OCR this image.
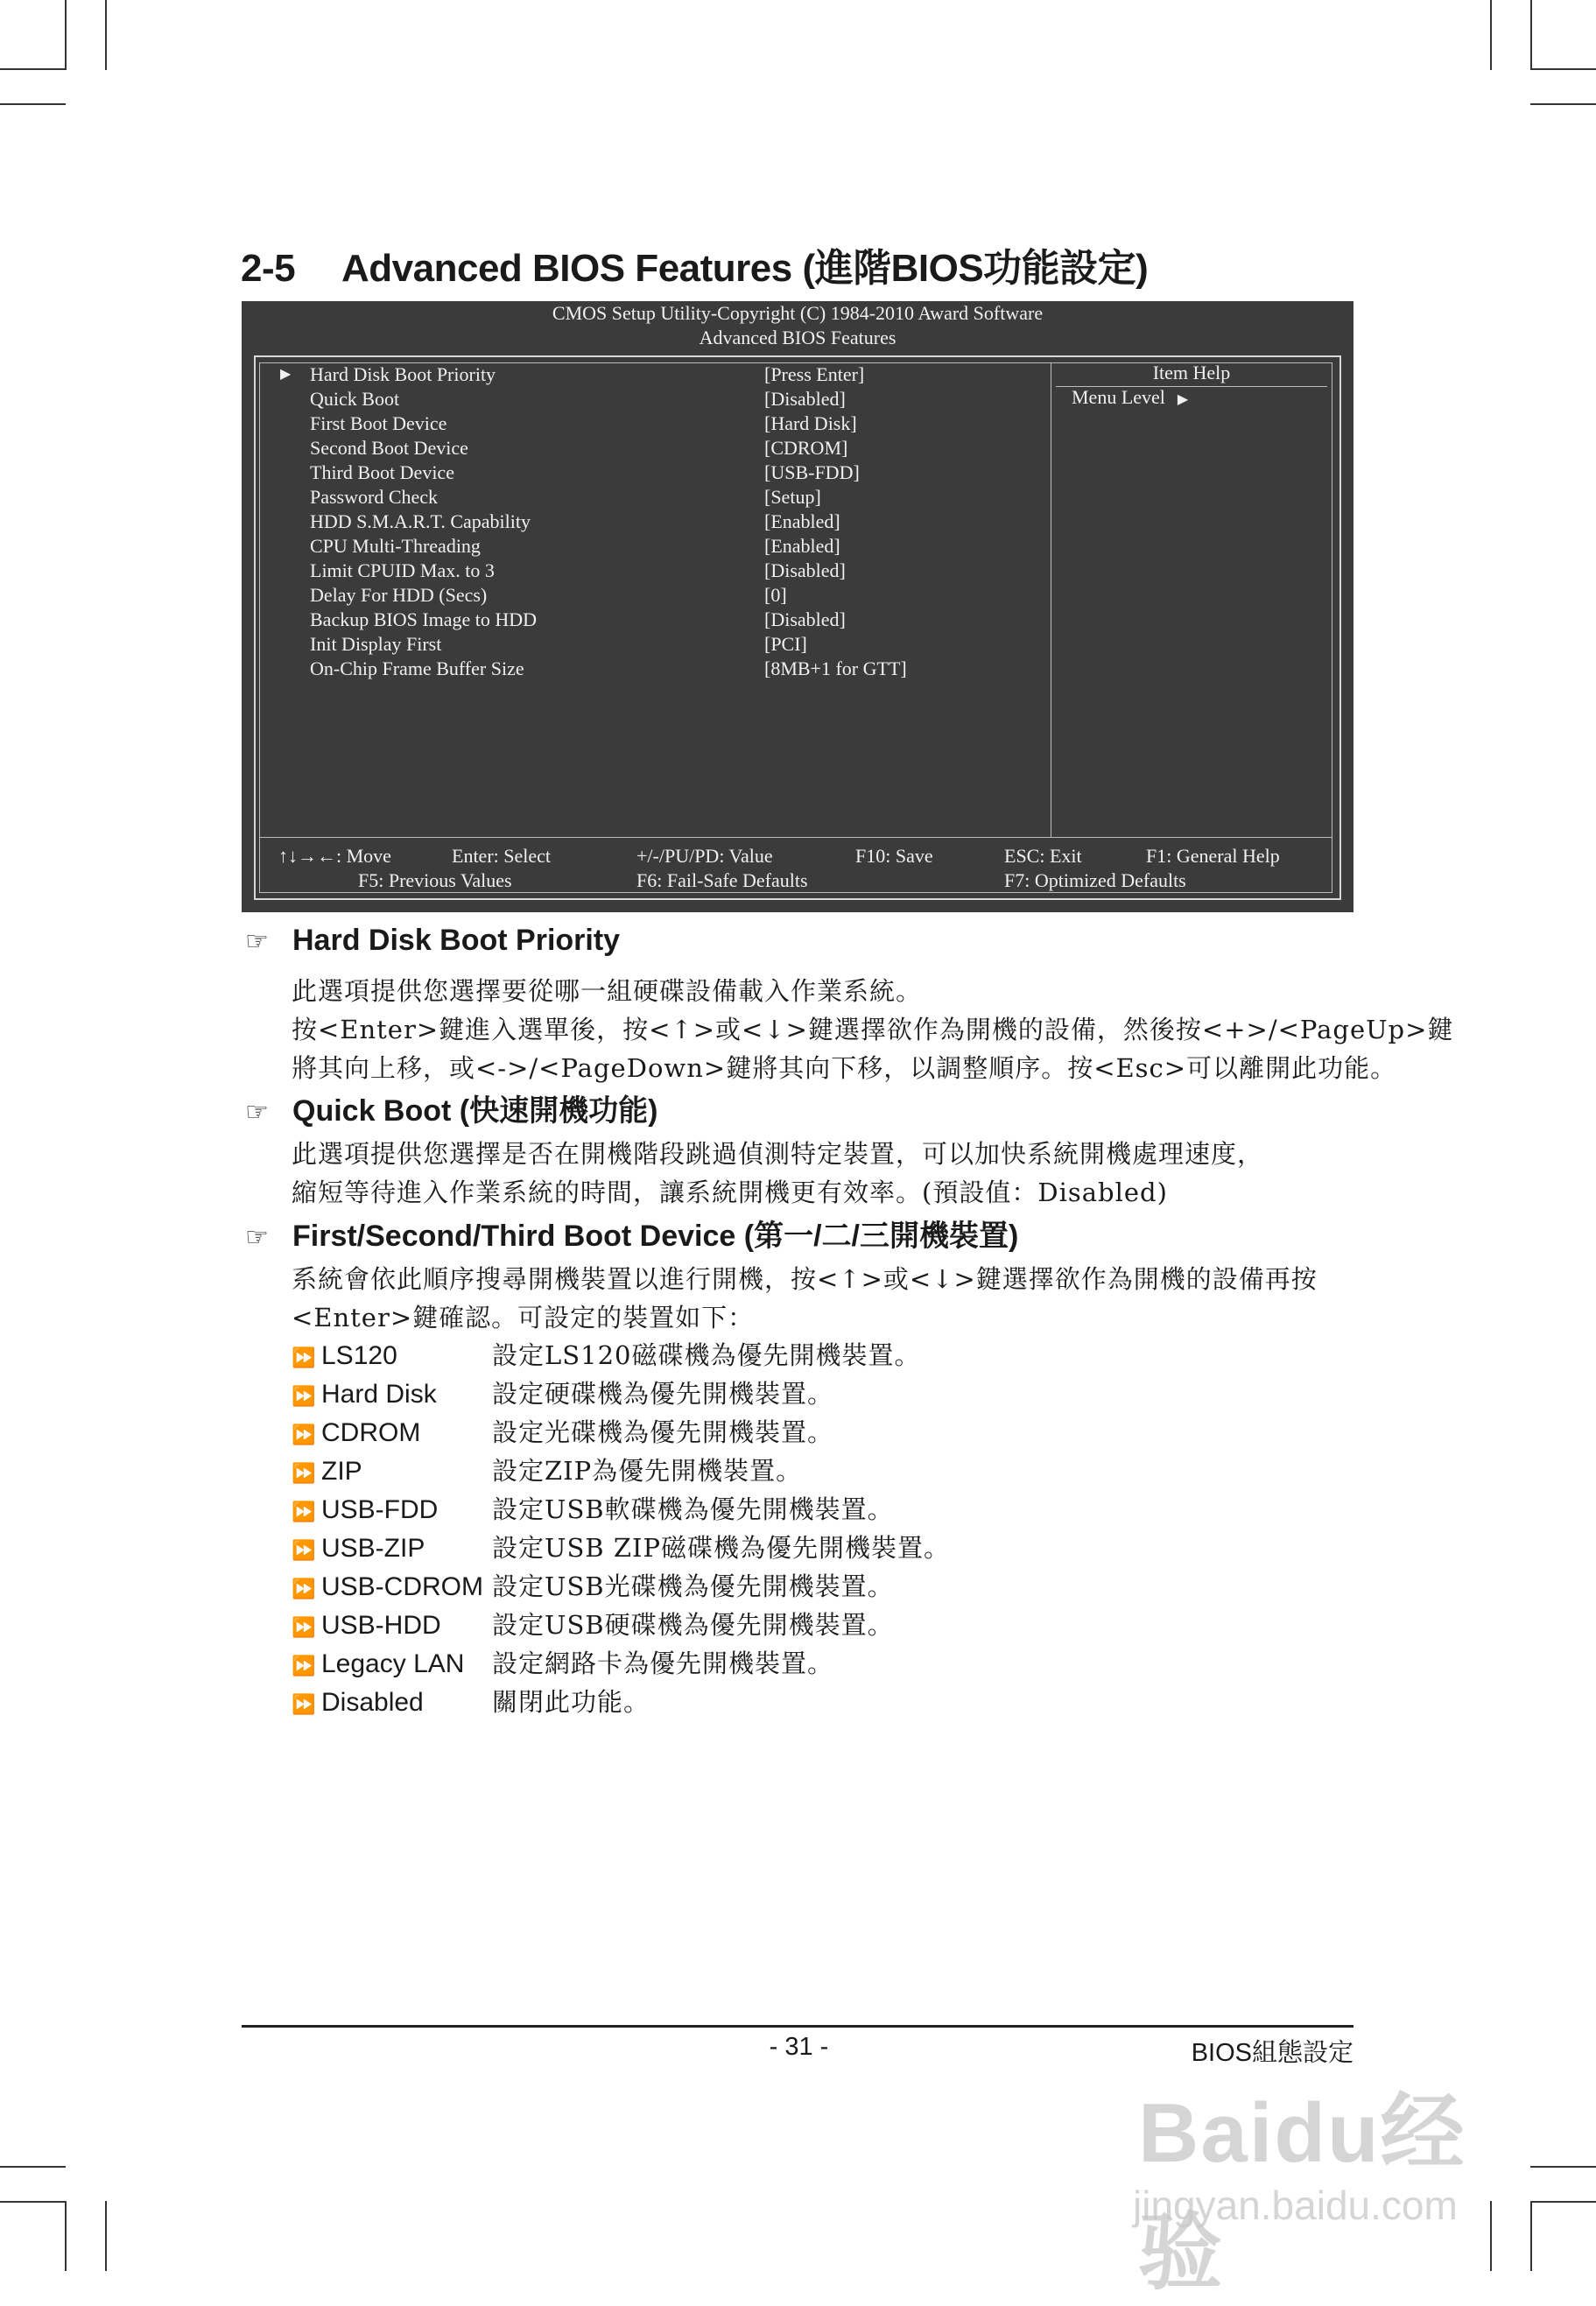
2-5 Advanced BIOS Features (進階BIOS功能設定)
CMOS Setup Utility-Copyright (C) 1984-2010 Award Software
Advanced BIOS Features
▶ Hard Disk Boot Priority	[Press Enter]
Quick Boot	[Disabled]
First Boot Device	[Hard Disk]
Second Boot Device	[CDROM]
Third Boot Device	[USB-FDD]
Password Check	[Setup]
HDD S.M.A.R.T. Capability	[Enabled]
CPU Multi-Threading	[Enabled]
Limit CPUID Max. to 3	[Disabled]
Delay For HDD (Secs)	[0]
Backup BIOS Image to HDD	[Disabled]
Init Display First	[PCI]
On-Chip Frame Buffer Size	[8MB+1 for GTT]
Item Help
Menu Level ▶
↑↓→←: Move	Enter: Select	+/-/PU/PD: Value	F10: Save	ESC: Exit	F1: General Help
F5: Previous Values	F6: Fail-Safe Defaults	F7: Optimized Defaults
☞ Hard Disk Boot Priority

此選項提供您選擇要從哪一組硬碟設備載入作業系統。

按<Enter>鍵進入選單後，按<↑>或<↓>鍵選擇欲作為開機的設備，然後按<+>/<PageUp>鍵

將其向上移，或<->/<PageDown>鍵將其向下移，以調整順序。按<Esc>可以離開此功能。

☞ Quick Boot (快速開機功能)

此選項提供您選擇是否在開機階段跳過偵測特定裝置，可以加快系統開機處理速度，

縮短等待進入作業系統的時間，讓系統開機更有效率。(預設值：Disabled)

☞ First/Second/Third Boot Device (第一/二/三開機裝置)

系統會依此順序搜尋開機裝置以進行開機，按<↑>或<↓>鍵選擇欲作為開機的設備再按

<Enter>鍵確認。可設定的裝置如下：

⏩ LS120	設定LS120磁碟機為優先開機裝置。
⏩ Hard Disk 設定硬碟機為優先開機裝置。
⏩ CDROM	設定光碟機為優先開機裝置。
⏩ ZIP	設定ZIP為優先開機裝置。
⏩ USB-FDD 設定USB軟碟機為優先開機裝置。
⏩ USB-ZIP	設定USB ZIP磁碟機為優先開機裝置。
⏩ USB-CDROM 設定USB光碟機為優先開機裝置。
⏩ USB-HDD 設定USB硬碟機為優先開機裝置。
⏩ Legacy LAN 設定網路卡為優先開機裝置。
⏩ Disabled	關閉此功能。
- 31 -	BIOS組態設定
Baidu经验
jingyan.baidu.com
